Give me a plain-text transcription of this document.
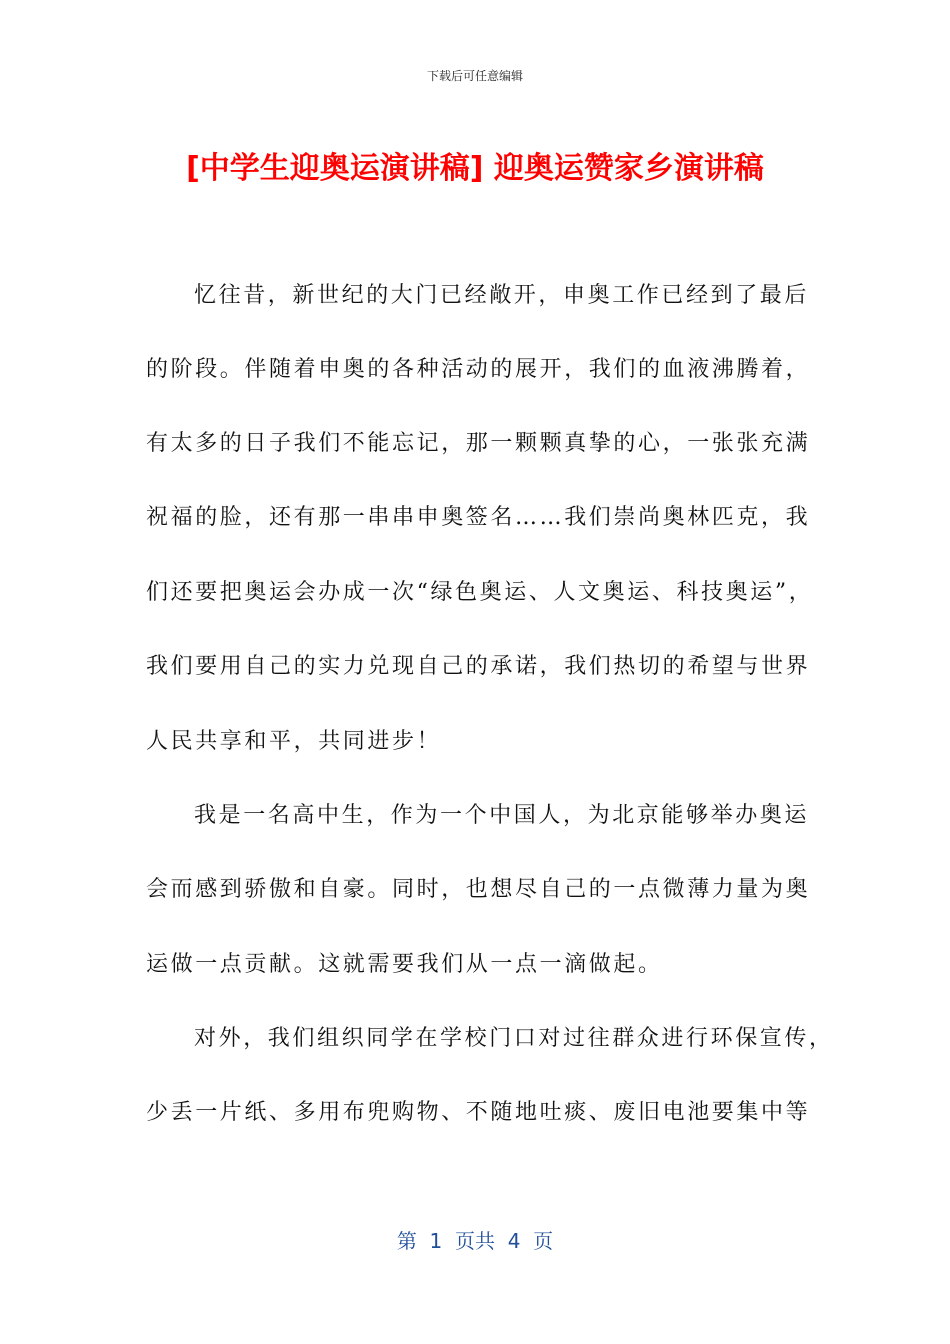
下载后可任意编辑
[中学生迎奥运演讲稿] 迎奥运赞家乡演讲稿
忆往昔，新世纪的大门已经敞开，申奥工作已经到了最后
的阶段。伴随着申奥的各种活动的展开，我们的血液沸腾着，
有太多的日子我们不能忘记，那一颗颗真挚的心，一张张充满
祝福的脸，还有那一串串申奥签名……我们崇尚奥林匹克，我
们还要把奥运会办成一次“绿色奥运、人文奥运、科技奥运”，
我们要用自己的实力兑现自己的承诺，我们热切的希望与世界
人民共享和平，共同进步！
我是一名高中生，作为一个中国人，为北京能够举办奥运
会而感到骄傲和自豪。同时，也想尽自己的一点微薄力量为奥
运做一点贡献。这就需要我们从一点一滴做起。
对外，我们组织同学在学校门口对过往群众进行环保宣传，
少丢一片纸、多用布兜购物、不随地吐痰、废旧电池要集中等
第  1  页共  4  页
